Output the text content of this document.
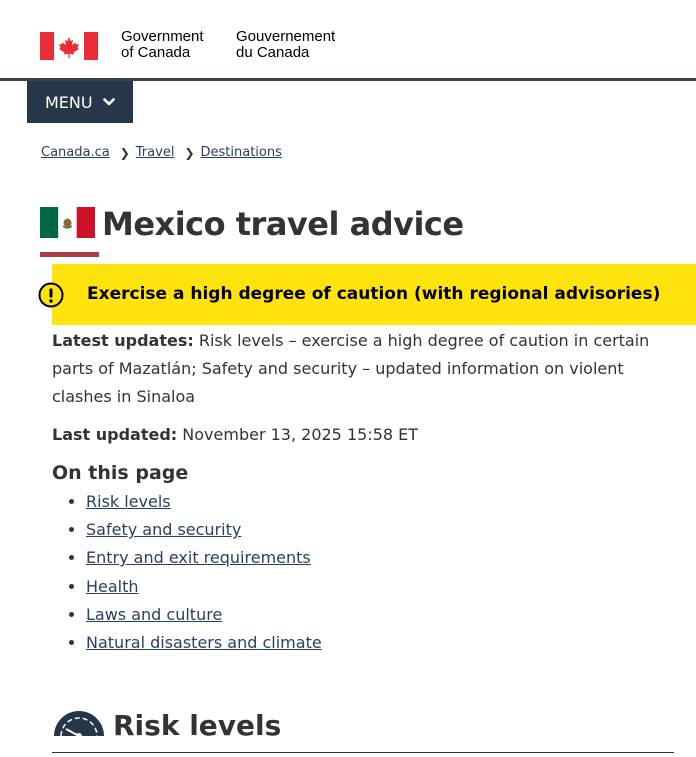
Government
of Canada
Gouvernement
du Canada
MENU
Canada.ca ❯ Travel ❯ Destinations
Mexico travel advice
Exercise a high degree of caution (with regional advisories)

Latest updates: Risk levels – exercise a high degree of caution in certain parts of Mazatlán; Safety and security – updated information on violent clashes in Sinaloa

Last updated: November 13, 2025 15:58 ET

On this page
• Risk levels
• Safety and security
• Entry and exit requirements
• Health
• Laws and culture
• Natural disasters and climate
Risk levels
